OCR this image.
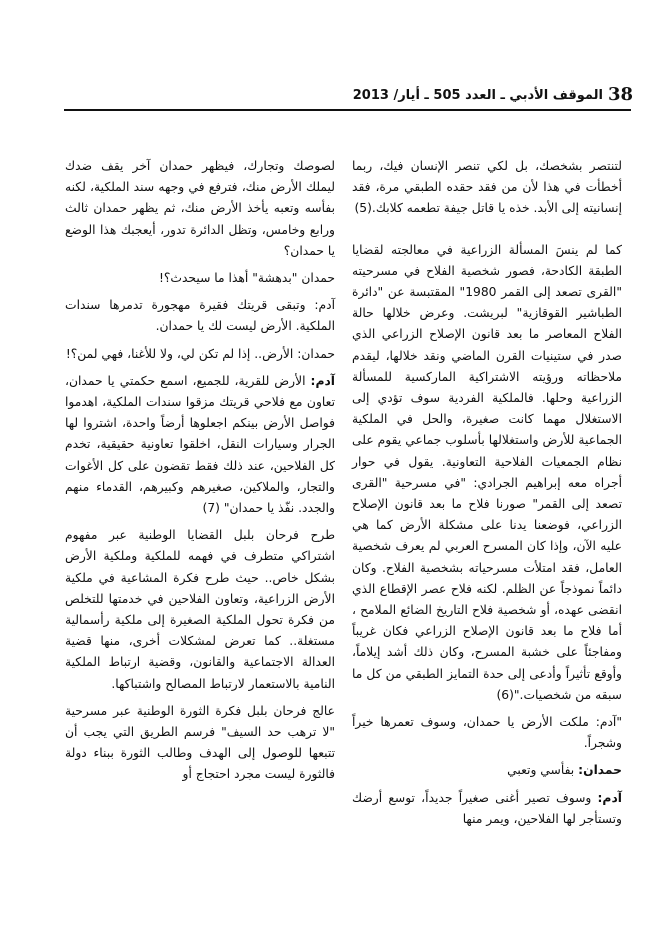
38
الموقف الأدبي ـ العدد 505 ـ أيار/ 2013

لتنتصر بشخصك، بل لكي تنصر الإنسان فيك، ربما أخطأت في هذا لأن من فقد حقده الطبقي مرة، فقد إنسانيته إلى الأبد. خذه يا قاتل جيفة تطعمه كلابك.(5)

كما لم ينسَ المسألة الزراعية في معالجته لقضايا الطبقة الكادحة، فصور شخصية الفلاح في مسرحيته "القرى تصعد إلى القمر 1980" المقتبسة عن "دائرة الطباشير القوقازية" لبريشت. وعرض خلالها حالة الفلاح المعاصر ما بعد قانون الإصلاح الزراعي الذي صدر في ستينيات القرن الماضي ونقد خلالها، ليقدم ملاحظاته ورؤيته الاشتراكية الماركسية للمسألة الزراعية وحلها. فالملكية الفردية سوف تؤدي إلى الاستغلال مهما كانت صغيرة، والحل في الملكية الجماعية للأرض واستغلالها بأسلوب جماعي يقوم على نظام الجمعيات الفلاحية التعاونية. يقول في حوار أجراه معه إبراهيم الجرادي: "في مسرحية "القرى تصعد إلى القمر" صورنا فلاح ما بعد قانون الإصلاح الزراعي، فوضعنا يدنا على مشكلة الأرض كما هي عليه الآن، وإذا كان المسرح العربي لم يعرف شخصية العامل، فقد امتلأت مسرحياته بشخصية الفلاح. وكان دائماً نموذجاً عن الظلم. لكنه فلاح عصر الإقطاع الذي انقضى عهده، أو شخصية فلاح التاريخ الضائع الملامح ، أما فلاح ما بعد قانون الإصلاح الزراعي فكان غريباً ومفاجئاً على خشبة المسرح، وكان ذلك أشد إيلاماً، وأوقع تأثيراً وأدعى إلى حدة التمايز الطبقي من كل ما سبقه من شخصيات."(6)

"آدم: ملكت الأرض يا حمدان، وسوف تعمرها خيراً وشجراً.

حمدان: بفأسي وتعبي

آدم: وسوف تصير أغنى صغيراً جديداً، توسع أرضك وتستأجر لها الفلاحين، ويمر منها

لصوصك وتجارك، فيظهر حمدان آخر يقف ضدك ليملك الأرض منك، فترفع في وجهه سند الملكية، لكنه بفأسه وتعبه يأخذ الأرض منك، ثم يظهر حمدان ثالث ورابع وخامس، وتظل الدائرة تدور، أيعجبك هذا الوضع يا حمدان؟

حمدان "بدهشة" أهذا ما سيحدث؟!

آدم: وتبقى قريتك فقيرة مهجورة تدمرها سندات الملكية. الأرض ليست لك يا حمدان.

حمدان: الأرض.. إذا لم تكن لي، ولا للأغنا، فهي لمن؟!

آدم: الأرض للقرية، للجميع، اسمع حكمتي يا حمدان، تعاون مع فلاحي قريتك مزقوا سندات الملكية، اهدموا فواصل الأرض بينكم اجعلوها أرضاً واحدة، اشتروا لها الجرار وسيارات النقل، اخلقوا تعاونية حقيقية، تخدم كل الفلاحين، عند ذلك فقط تقضون على كل الأغوات والتجار، والملاكين، صغيرهم وكبيرهم، القدماء منهم والجدد. نفّذ يا حمدان" (7)

طرح فرحان بلبل القضايا الوطنية عبر مفهوم اشتراكي متطرف في فهمه للملكية وملكية الأرض بشكل خاص.. حيث طرح فكرة المشاعية في ملكية الأرض الزراعية، وتعاون الفلاحين في خدمتها للتخلص من فكرة تحول الملكية الصغيرة إلى ملكية رأسمالية مستغلة.. كما تعرض لمشكلات أخرى، منها قضية العدالة الاجتماعية والقانون، وقضية ارتباط الملكية النامية بالاستعمار لارتباط المصالح واشتباكها.

عالج فرحان بلبل فكرة الثورة الوطنية عبر مسرحية "لا ترهب حد السيف" فرسم الطريق التي يجب أن تتبعها للوصول إلى الهدف وطالب الثورة ببناء دولة فالثورة ليست مجرد احتجاج أو
